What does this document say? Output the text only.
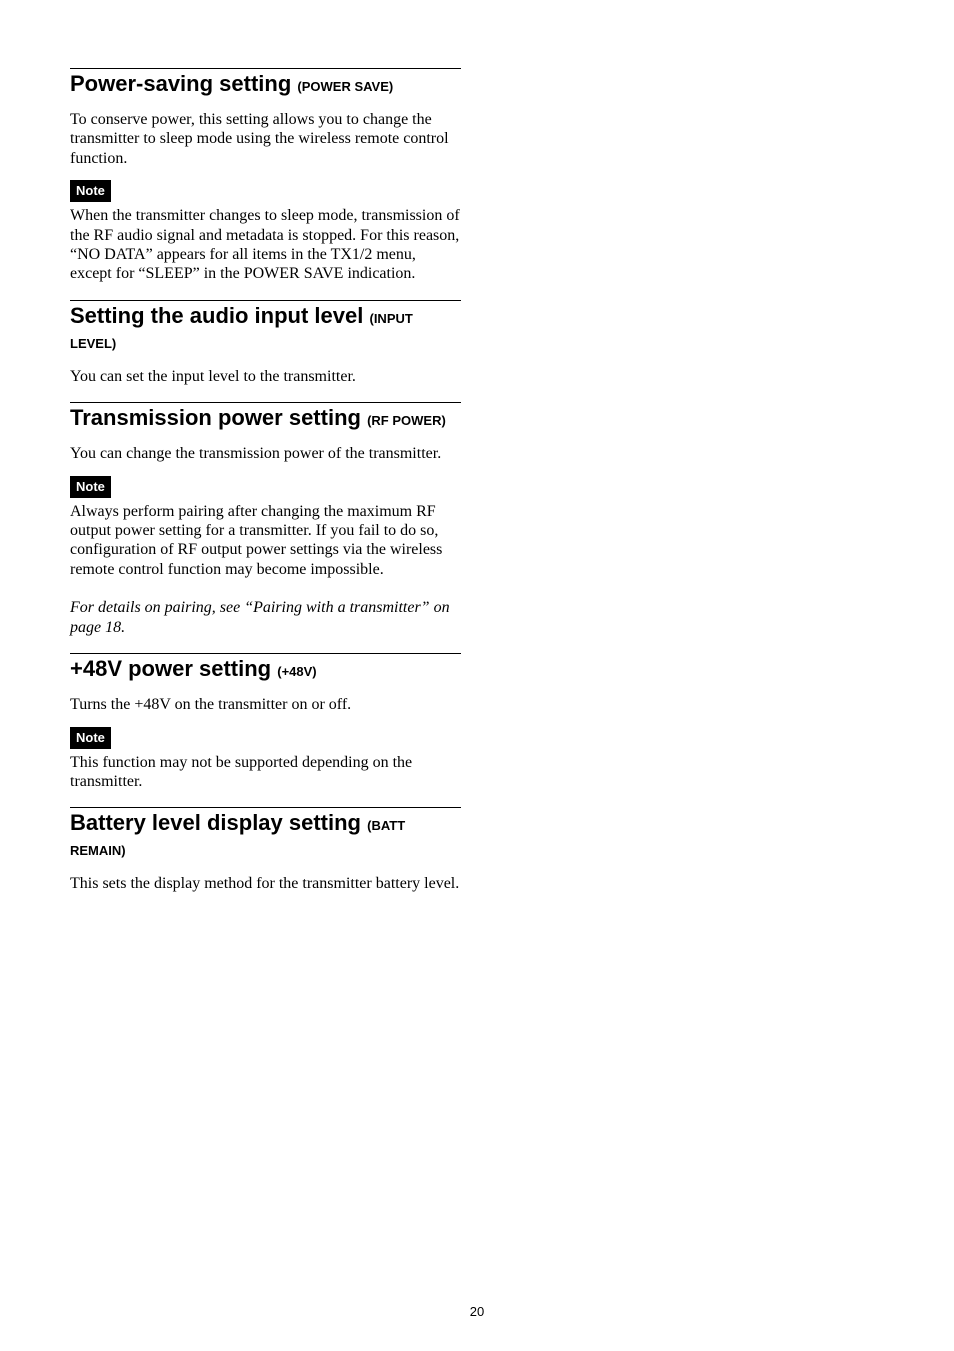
Power-saving setting (POWER SAVE)

To conserve power, this setting allows you to change the transmitter to sleep mode using the wireless remote control function.

Note

When the transmitter changes to sleep mode, transmission of the RF audio signal and metadata is stopped. For this reason, “NO DATA” appears for all items in the TX1/2 menu, except for “SLEEP” in the POWER SAVE indication.

Setting the audio input level (INPUT LEVEL)

You can set the input level to the transmitter.

Transmission power setting (RF POWER)

You can change the transmission power of the transmitter.

Note

Always perform pairing after changing the maximum RF output power setting for a transmitter. If you fail to do so, configuration of RF output power settings via the wireless remote control function may become impossible.

For details on pairing, see “Pairing with a transmitter” on page 18.

+48V power setting (+48V)

Turns the +48V on the transmitter on or off.

Note

This function may not be supported depending on the transmitter.

Battery level display setting (BATT REMAIN)

This sets the display method for the transmitter battery level.

20
